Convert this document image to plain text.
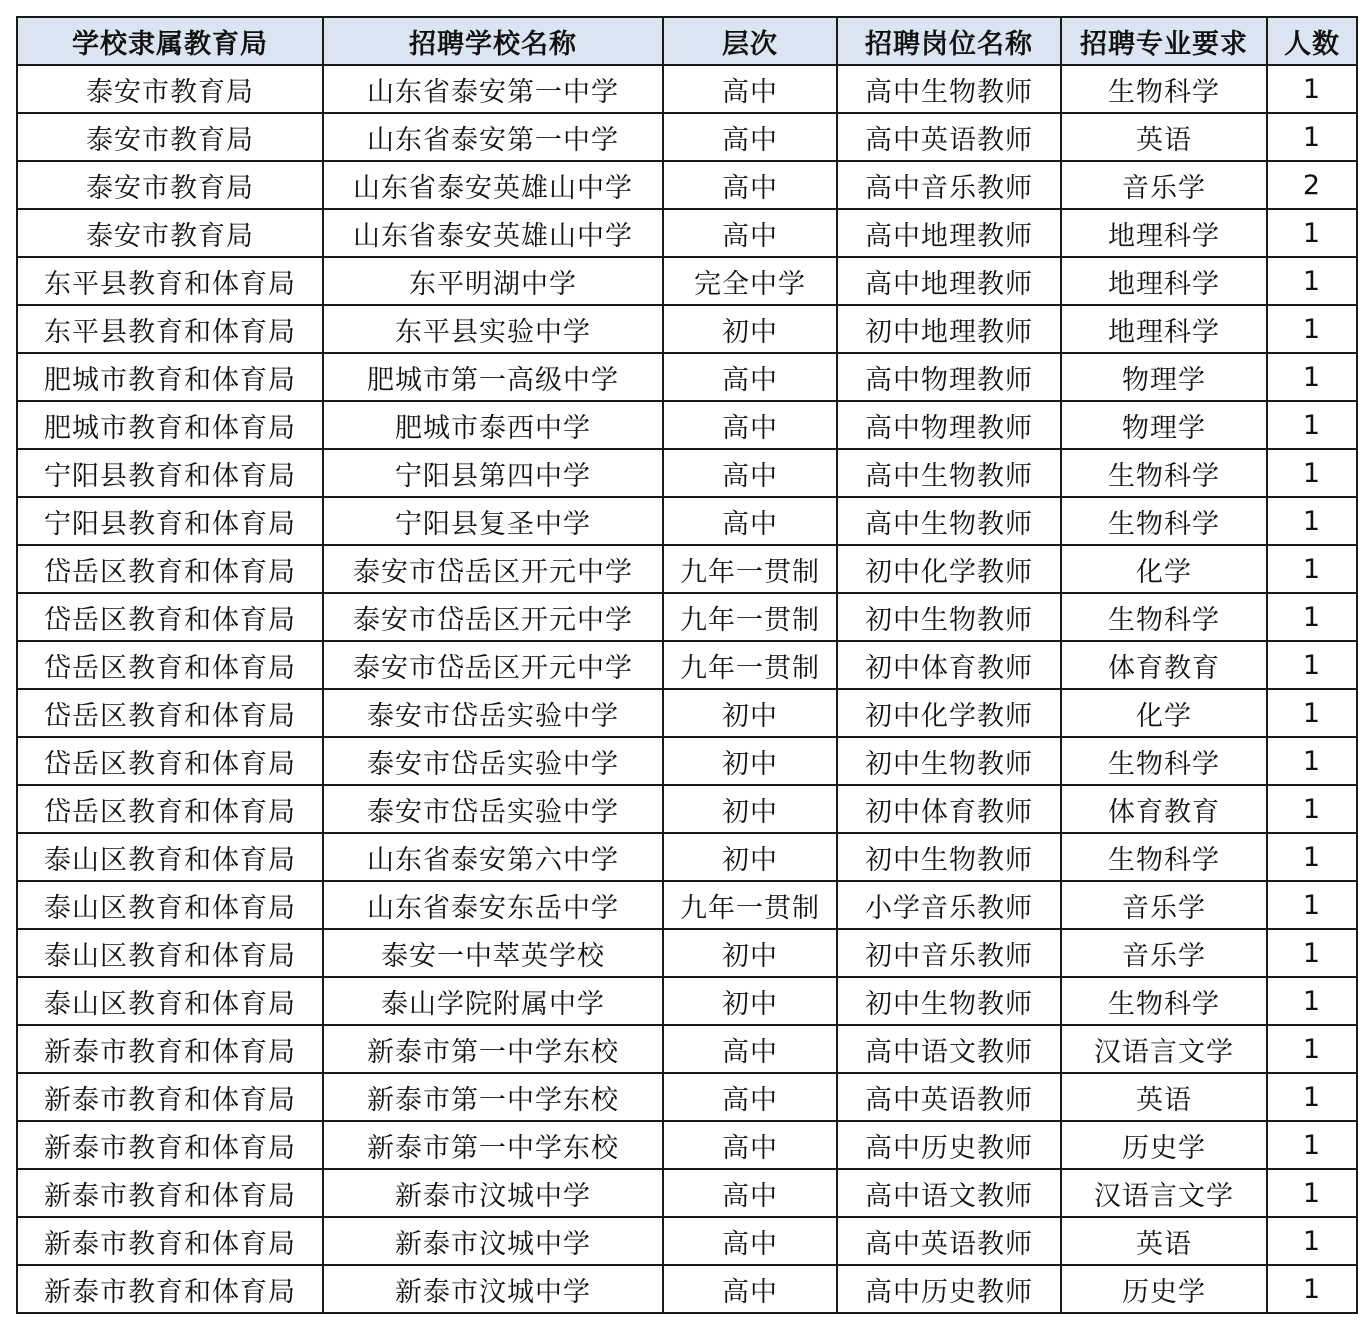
学校隶属教育局	招聘学校名称	层次	招聘岗位名称	招聘专业要求	人数
泰安市教育局	山东省泰安第一中学	高中	高中生物教师	生物科学	1
泰安市教育局	山东省泰安第一中学	高中	高中英语教师	英语	1
泰安市教育局	山东省泰安英雄山中学	高中	高中音乐教师	音乐学	2
泰安市教育局	山东省泰安英雄山中学	高中	高中地理教师	地理科学	1
东平县教育和体育局	东平明湖中学	完全中学	高中地理教师	地理科学	1
东平县教育和体育局	东平县实验中学	初中	初中地理教师	地理科学	1
肥城市教育和体育局	肥城市第一高级中学	高中	高中物理教师	物理学	1
肥城市教育和体育局	肥城市泰西中学	高中	高中物理教师	物理学	1
宁阳县教育和体育局	宁阳县第四中学	高中	高中生物教师	生物科学	1
宁阳县教育和体育局	宁阳县复圣中学	高中	高中生物教师	生物科学	1
岱岳区教育和体育局	泰安市岱岳区开元中学	九年一贯制	初中化学教师	化学	1
岱岳区教育和体育局	泰安市岱岳区开元中学	九年一贯制	初中生物教师	生物科学	1
岱岳区教育和体育局	泰安市岱岳区开元中学	九年一贯制	初中体育教师	体育教育	1
岱岳区教育和体育局	泰安市岱岳实验中学	初中	初中化学教师	化学	1
岱岳区教育和体育局	泰安市岱岳实验中学	初中	初中生物教师	生物科学	1
岱岳区教育和体育局	泰安市岱岳实验中学	初中	初中体育教师	体育教育	1
泰山区教育和体育局	山东省泰安第六中学	初中	初中生物教师	生物科学	1
泰山区教育和体育局	山东省泰安东岳中学	九年一贯制	小学音乐教师	音乐学	1
泰山区教育和体育局	泰安一中萃英学校	初中	初中音乐教师	音乐学	1
泰山区教育和体育局	泰山学院附属中学	初中	初中生物教师	生物科学	1
新泰市教育和体育局	新泰市第一中学东校	高中	高中语文教师	汉语言文学	1
新泰市教育和体育局	新泰市第一中学东校	高中	高中英语教师	英语	1
新泰市教育和体育局	新泰市第一中学东校	高中	高中历史教师	历史学	1
新泰市教育和体育局	新泰市汶城中学	高中	高中语文教师	汉语言文学	1
新泰市教育和体育局	新泰市汶城中学	高中	高中英语教师	英语	1
新泰市教育和体育局	新泰市汶城中学	高中	高中历史教师	历史学	1
